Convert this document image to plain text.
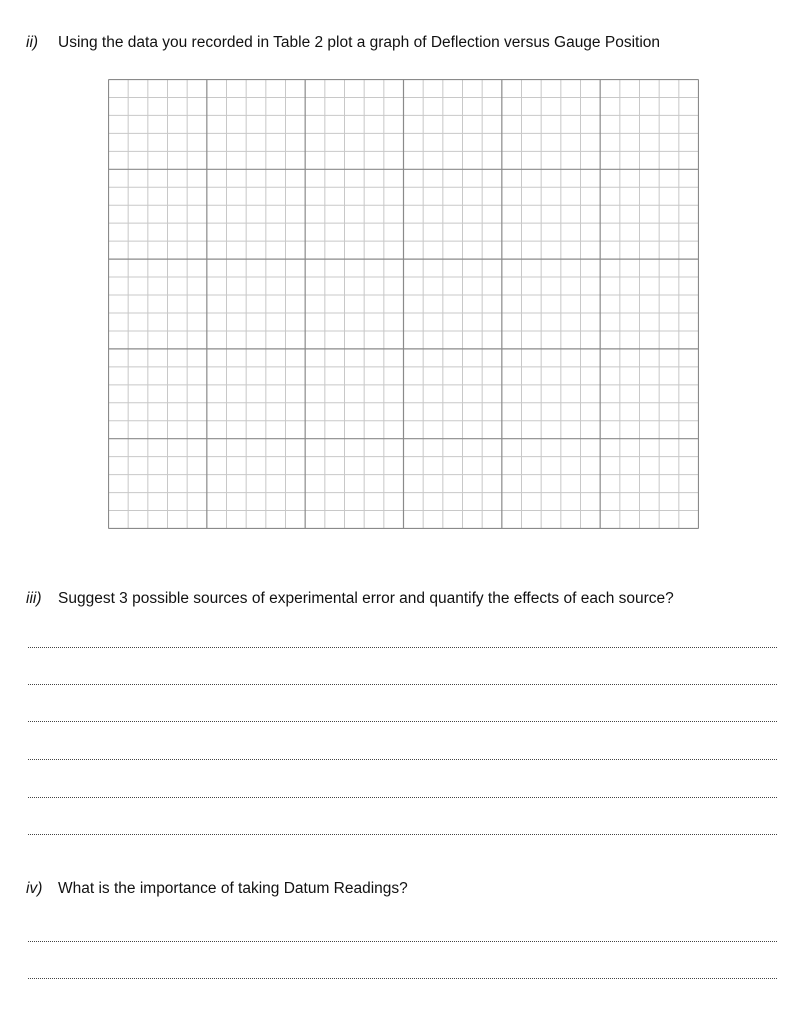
ii) Using the data you recorded in Table 2 plot a graph of Deflection versus Gauge Position
iii) Suggest 3 possible sources of experimental error and quantify the effects of each source?
iv) What is the importance of taking Datum Readings?
